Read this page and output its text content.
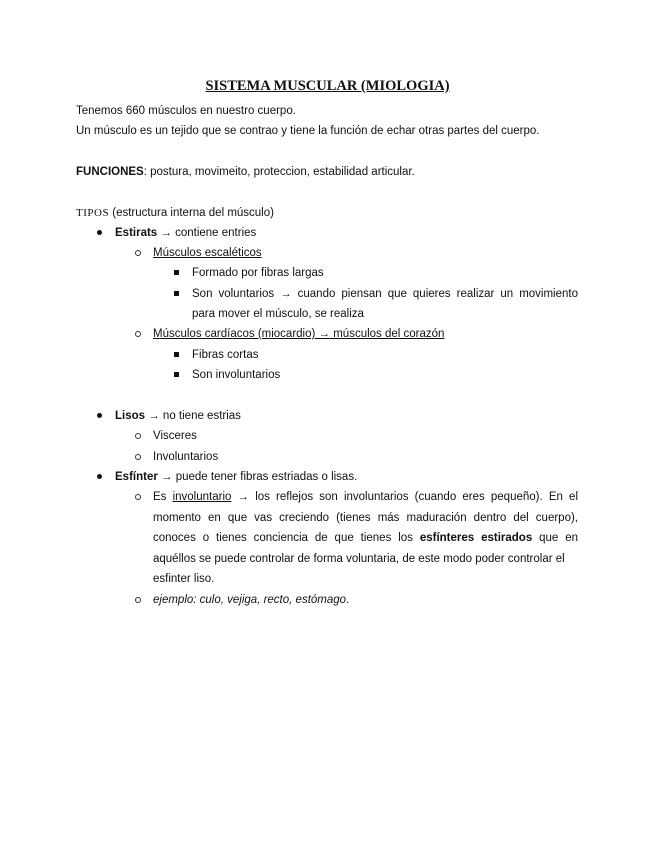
SISTEMA MUSCULAR (MIOLOGIA)
Tenemos 660 músculos en nuestro cuerpo.
Un músculo es un tejido que se contrao y tiene la función de echar otras partes del cuerpo.
FUNCIONES: postura, movimeito, proteccion, estabilidad articular.
TIPOS (estructura interna del músculo)
Estirats → contiene entries
Músculos escaléticos
Formado por fibras largas
Son voluntarios → cuando piensan que quieres realizar un movimiento
para mover el músculo, se realiza
Músculos cardíacos (miocardio) → músculos del corazón
Fibras cortas
Son involuntarios
Lisos → no tiene estrias
Visceres
Involuntarios
Esfínter → puede tener fibras estriadas o lisas.
Es involuntario → los reflejos son involuntarios (cuando eres pequeño). En el momento en que vas creciendo (tienes más maduración dentro del cuerpo), conoces o tienes conciencia de que tienes los esfínteres estirados que en aquéllos se puede controlar de forma voluntaria, de este modo poder controlar el
esfinter liso.
ejemplo: culo, vejiga, recto, estómago.
